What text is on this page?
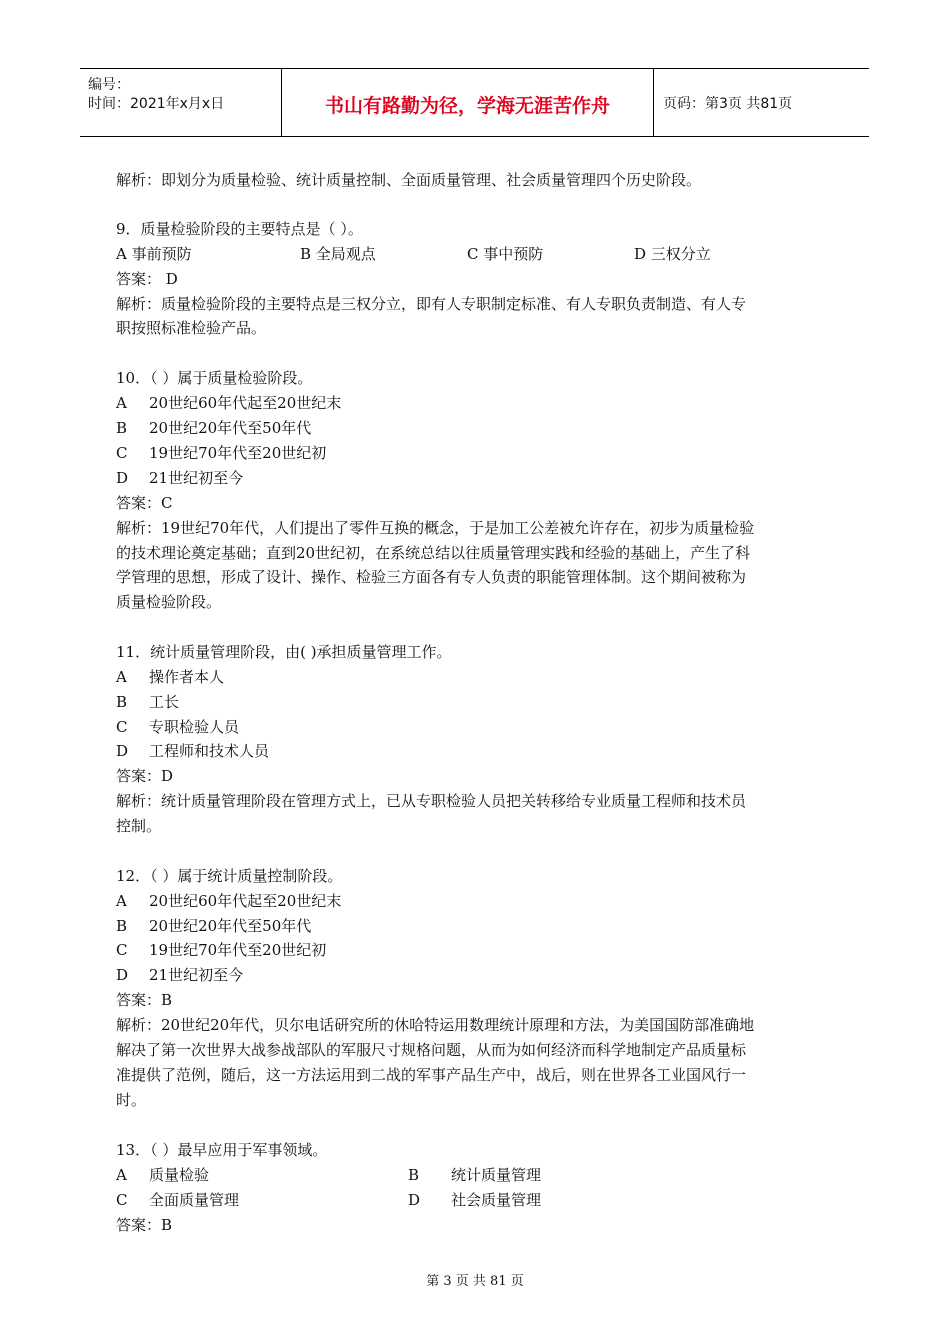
编号：
时间：2021年x月x日	书山有路勤为径，学海无涯苦作舟	页码：第3页 共81页
解析：即划分为质量检验、统计质量控制、全面质量管理、社会质量管理四个历史阶段。
9．质量检验阶段的主要特点是（ ）。
A 事前预防	B 全局观点	C 事中预防	D 三权分立
答案： D
解析：质量检验阶段的主要特点是三权分立，即有人专职制定标准、有人专职负责制造、有人专
职按照标准检验产品。
10．（ ）属于质量检验阶段。
A 20世纪60年代起至20世纪末
B 20世纪20年代至50年代
C 19世纪70年代至20世纪初
D 21世纪初至今
答案：C
解析：19世纪70年代，人们提出了零件互换的概念，于是加工公差被允许存在，初步为质量检验
的技术理论奠定基础；直到20世纪初，在系统总结以往质量管理实践和经验的基础上，产生了科
学管理的思想，形成了设计、操作、检验三方面各有专人负责的职能管理体制。这个期间被称为
质量检验阶段。
11．统计质量管理阶段，由( )承担质量管理工作。
A 操作者本人
B 工长
C 专职检验人员
D 工程师和技术人员
答案：D
解析：统计质量管理阶段在管理方式上，已从专职检验人员把关转移给专业质量工程师和技术员
控制。
12．（ ）属于统计质量控制阶段。
A 20世纪60年代起至20世纪末
B 20世纪20年代至50年代
C 19世纪70年代至20世纪初
D 21世纪初至今
答案：B
解析：20世纪20年代，贝尔电话研究所的休哈特运用数理统计原理和方法，为美国国防部准确地
解决了第一次世界大战参战部队的军服尺寸规格问题，从而为如何经济而科学地制定产品质量标
准提供了范例，随后，这一方法运用到二战的军事产品生产中，战后，则在世界各工业国风行一
时。
13．（ ）最早应用于军事领域。
A 质量检验	B 统计质量管理
C 全面质量管理	D 社会质量管理
答案：B
第 3 页 共 81 页
